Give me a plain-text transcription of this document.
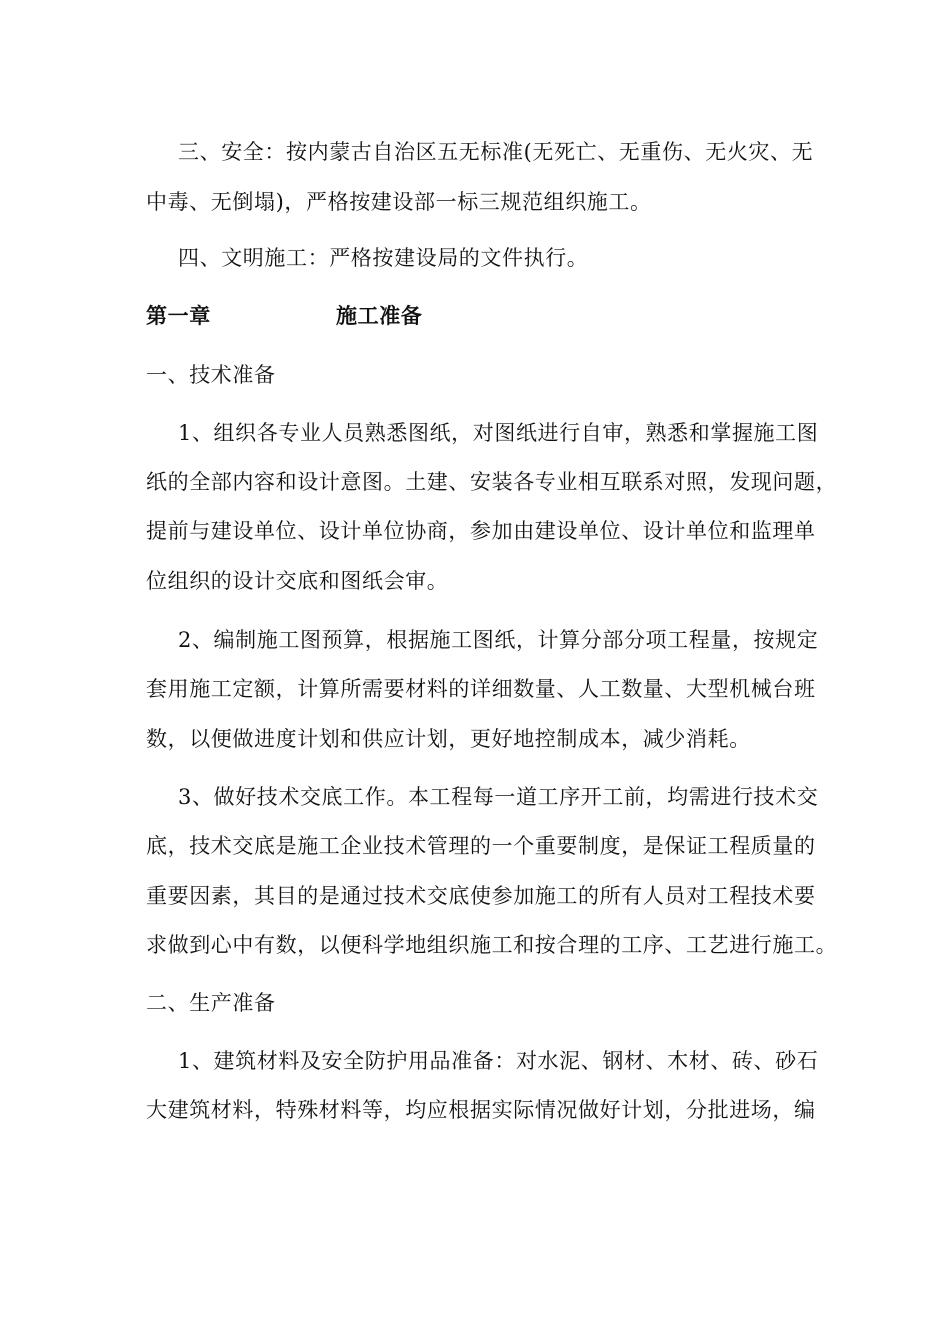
三、安全：按内蒙古自治区五无标准(无死亡、无重伤、无火灾、无
中毒、无倒塌)，严格按建设部一标三规范组织施工。
四、文明施工：严格按建设局的文件执行。
第一章	施工准备
一、技术准备
1、组织各专业人员熟悉图纸，对图纸进行自审，熟悉和掌握施工图
纸的全部内容和设计意图。土建、安装各专业相互联系对照，发现问题，
提前与建设单位、设计单位协商，参加由建设单位、设计单位和监理单
位组织的设计交底和图纸会审。
2、编制施工图预算，根据施工图纸，计算分部分项工程量，按规定
套用施工定额，计算所需要材料的详细数量、人工数量、大型机械台班
数，以便做进度计划和供应计划，更好地控制成本，减少消耗。
3、做好技术交底工作。本工程每一道工序开工前，均需进行技术交
底，技术交底是施工企业技术管理的一个重要制度，是保证工程质量的
重要因素，其目的是通过技术交底使参加施工的所有人员对工程技术要
求做到心中有数，以便科学地组织施工和按合理的工序、工艺进行施工。
二、生产准备
1、建筑材料及安全防护用品准备：对水泥、钢材、木材、砖、砂石
大建筑材料，特殊材料等，均应根据实际情况做好计划，分批进场，编
